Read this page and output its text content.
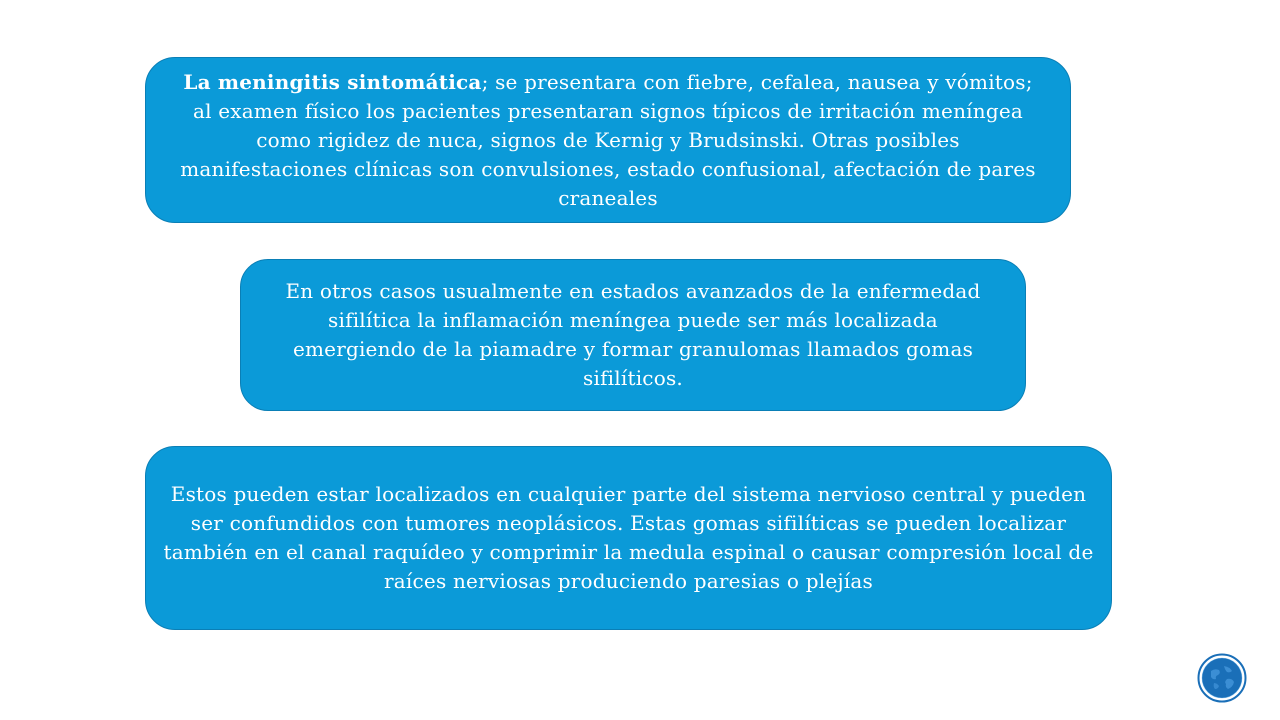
La meningitis sintomática; se presentara con fiebre, cefalea, nausea y vómitos; al examen físico los pacientes presentaran signos típicos de irritación meníngea como rigidez de nuca, signos de Kernig y Brudsinski. Otras posibles manifestaciones clínicas son convulsiones, estado confusional, afectación de pares craneales

En otros casos usualmente en estados avanzados de la enfermedad sifilítica la inflamación meníngea puede ser más localizada emergiendo de la piamadre y formar granulomas llamados gomas sifilíticos.

Estos pueden estar localizados en cualquier parte del sistema nervioso central y pueden ser confundidos con tumores neoplásicos. Estas gomas sifilíticas se pueden localizar también en el canal raquídeo y comprimir la medula espinal o causar compresión local de raíces nerviosas produciendo paresias o plejías
